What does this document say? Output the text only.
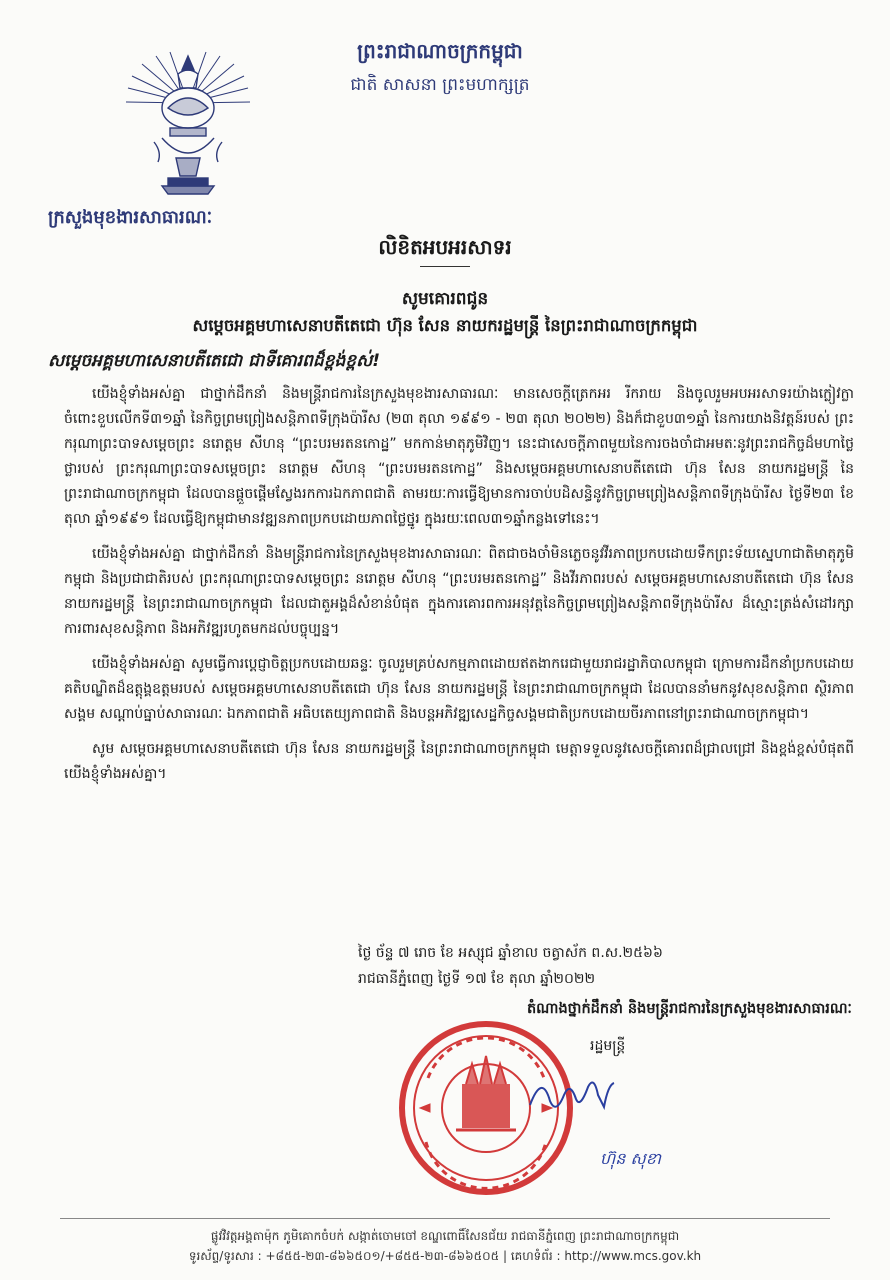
ព្រះរាជាណាចក្រកម្ពុជា
ជាតិ សាសនា ព្រះមហាក្សត្រ
ក្រសួងមុខងារសាធារណៈ
លិខិតអបអរសាទរ
សូមគោរពជូន
សម្ដេចអគ្គមហាសេនាបតីតេជោ ហ៊ុន សែន នាយករដ្ឋមន្ត្រី នៃព្រះរាជាណាចក្រកម្ពុជា
សម្ដេចអគ្គមហាសេនាបតីតេជោ ជាទីគោរពដ៏ខ្ពង់ខ្ពស់!

យើងខ្ញុំទាំងអស់គ្នា ជាថ្នាក់ដឹកនាំ និងមន្ត្រីរាជការនៃក្រសួងមុខងារសាធារណៈ មានសេចក្ដីត្រេកអរ រីករាយ និងចូលរួមអបអរសាទរយ៉ាងក្លៀវក្លា ចំពោះខួបលើកទី៣១ឆ្នាំ នៃកិច្ចព្រមព្រៀងសន្តិភាពទីក្រុងប៉ារីស (២៣ តុលា ១៩៩១ - ២៣ តុលា ២០២២) និងក៏ជាខួប៣១ឆ្នាំ នៃការយាងនិវត្តន៍របស់ ព្រះករុណាព្រះបាទសម្ដេចព្រះ នរោត្តម សីហនុ “ព្រះបរមរតនកោដ្ឋ” មកកាន់មាតុភូមិវិញ។ នេះជាសេចក្ដីភាពមួយនៃការចងចាំជាអមតៈនូវព្រះរាជកិច្ចដ៏មហាថ្លៃថ្លារបស់ ព្រះករុណាព្រះបាទសម្ដេចព្រះ នរោត្តម សីហនុ “ព្រះបរមរតនកោដ្ឋ” និងសម្ដេចអគ្គមហាសេនាបតីតេជោ ហ៊ុន សែន នាយករដ្ឋមន្ត្រី នៃព្រះរាជាណាចក្រកម្ពុជា ដែលបានផ្ដួចផ្ដើមស្វែងរកការឯកភាពជាតិ តាមរយៈការធ្វើឱ្យមានការចាប់បដិសន្ធិនូវកិច្ចព្រមព្រៀងសន្តិភាពទីក្រុងប៉ារីស ថ្ងៃទី២៣ ខែតុលា ឆ្នាំ១៩៩១ ដែលធ្វើឱ្យកម្ពុជាមានវឌ្ឍនភាពប្រកបដោយភាពថ្លៃថ្នូរ ក្នុងរយៈពេល៣១ឆ្នាំកន្លងទៅនេះ។

យើងខ្ញុំទាំងអស់គ្នា ជាថ្នាក់ដឹកនាំ និងមន្ត្រីរាជការនៃក្រសួងមុខងារសាធារណៈ ពិតជាចងចាំមិនភ្លេចនូវវីរភាពប្រកបដោយទឹកព្រះទ័យស្នេហាជាតិមាតុភូមិកម្ពុជា និងប្រជាជាតិរបស់ ព្រះករុណាព្រះបាទសម្ដេចព្រះ នរោត្តម សីហនុ “ព្រះបរមរតនកោដ្ឋ” និងវីរភាពរបស់ សម្ដេចអគ្គមហាសេនាបតីតេជោ ហ៊ុន សែន នាយករដ្ឋមន្ត្រី នៃព្រះរាជាណាចក្រកម្ពុជា ដែលជាតួអង្គដ៏សំខាន់បំផុត ក្នុងការគោរពការអនុវត្តនៃកិច្ចព្រមព្រៀងសន្តិភាពទីក្រុងប៉ារីស ដ៏ស្មោះត្រង់សំដៅរក្សាការពារសុខសន្តិភាព និងអភិវឌ្ឍរហូតមកដល់បច្ចុប្បន្ន។

យើងខ្ញុំទាំងអស់គ្នា សូមធ្វើការប្ដេជ្ញាចិត្តប្រកបដោយឆន្ទៈ ចូលរួមគ្រប់សកម្មភាពដោយឥតងាករេជាមួយរាជរដ្ឋាភិបាលកម្ពុជា ក្រោមការដឹកនាំប្រកបដោយគតិបណ្ឌិតដ៏ឧត្តុង្គឧត្តមរបស់ សម្ដេចអគ្គមហាសេនាបតីតេជោ ហ៊ុន សែន នាយករដ្ឋមន្ត្រី នៃព្រះរាជាណាចក្រកម្ពុជា ដែលបាននាំមកនូវសុខសន្តិភាព ស្ថិរភាពសង្គម សណ្ដាប់ធ្នាប់សាធារណៈ ឯកភាពជាតិ អធិបតេយ្យភាពជាតិ និងបន្តអភិវឌ្ឍសេដ្ឋកិច្ចសង្គមជាតិប្រកបដោយចីរភាពនៅព្រះរាជាណាចក្រកម្ពុជា។

សូម សម្ដេចអគ្គមហាសេនាបតីតេជោ ហ៊ុន សែន នាយករដ្ឋមន្ត្រី នៃព្រះរាជាណាចក្រកម្ពុជា មេត្តាទទួលនូវសេចក្ដីគោរពដ៏ជ្រាលជ្រៅ និងខ្ពង់ខ្ពស់បំផុតពីយើងខ្ញុំទាំងអស់គ្នា។

ថ្ងៃ ច័ន្ទ ៧ រោច ខែ អស្សុជ ឆ្នាំខាល ចត្វាស័ក ព.ស.២៥៦៦
រាជធានីភ្នំពេញ ថ្ងៃទី ១៧ ខែ តុលា ឆ្នាំ២០២២
តំណាងថ្នាក់ដឹកនាំ និងមន្ត្រីរាជការនៃក្រសួងមុខងារសាធារណៈ
រដ្ឋមន្ត្រី
ហ៊ុន សុខា
ផ្លូវវិវត្តអង្គតាម៉ុក ភូមិគោកចំបក់ សង្កាត់ចោមចៅ ខណ្ឌពោធិ៍សែនជ័យ រាជធានីភ្នំពេញ ព្រះរាជាណាចក្រកម្ពុជា
ទូរស័ព្ទ/ទូរសារ : +៨៥៥-២៣-៨៦៦៥០១/+៨៥៥-២៣-៨៦៦៥០៥ | គេហទំព័រ : http://www.mcs.gov.kh
